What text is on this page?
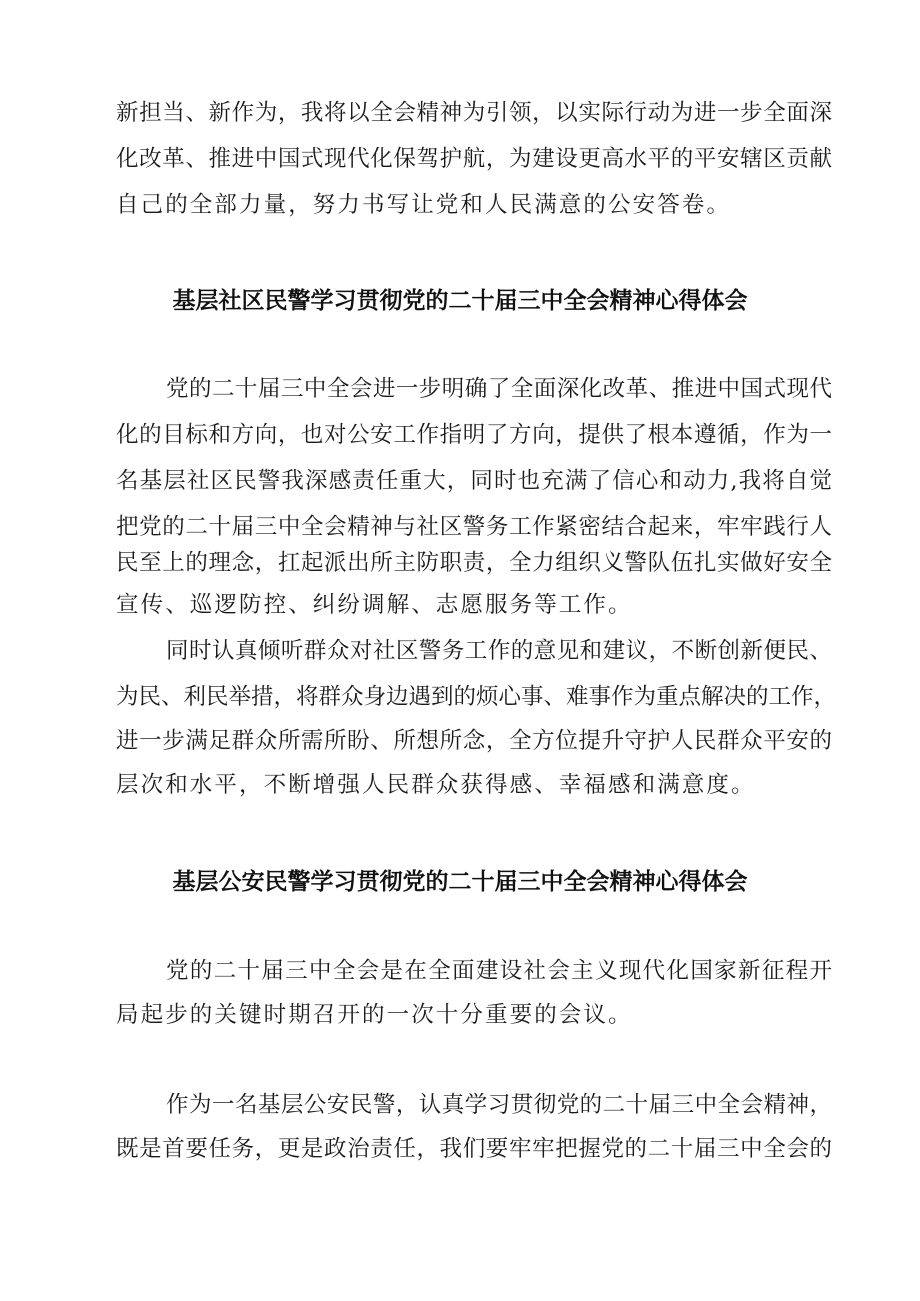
新担当、新作为，我将以全会精神为引领，以实际行动为进一步全面深
化改革、推进中国式现代化保驾护航，为建设更高水平的平安辖区贡献
自己的全部力量，努力书写让党和人民满意的公安答卷。
基层社区民警学习贯彻党的二十届三中全会精神心得体会
党的二十届三中全会进一步明确了全面深化改革、推进中国式现代
化的目标和方向，也对公安工作指明了方向，提供了根本遵循，作为一
名基层社区民警我深感责任重大，同时也充满了信心和动力,我将自觉
把党的二十届三中全会精神与社区警务工作紧密结合起来，牢牢践行人
民至上的理念，扛起派出所主防职责，全力组织义警队伍扎实做好安全
宣传、巡逻防控、纠纷调解、志愿服务等工作。
同时认真倾听群众对社区警务工作的意见和建议，不断创新便民、
为民、利民举措，将群众身边遇到的烦心事、难事作为重点解决的工作，
进一步满足群众所需所盼、所想所念，全方位提升守护人民群众平安的
层次和水平，不断增强人民群众获得感、幸福感和满意度。
基层公安民警学习贯彻党的二十届三中全会精神心得体会
党的二十届三中全会是在全面建设社会主义现代化国家新征程开
局起步的关键时期召开的一次十分重要的会议。
作为一名基层公安民警，认真学习贯彻党的二十届三中全会精神，
既是首要任务，更是政治责任，我们要牢牢把握党的二十届三中全会的
